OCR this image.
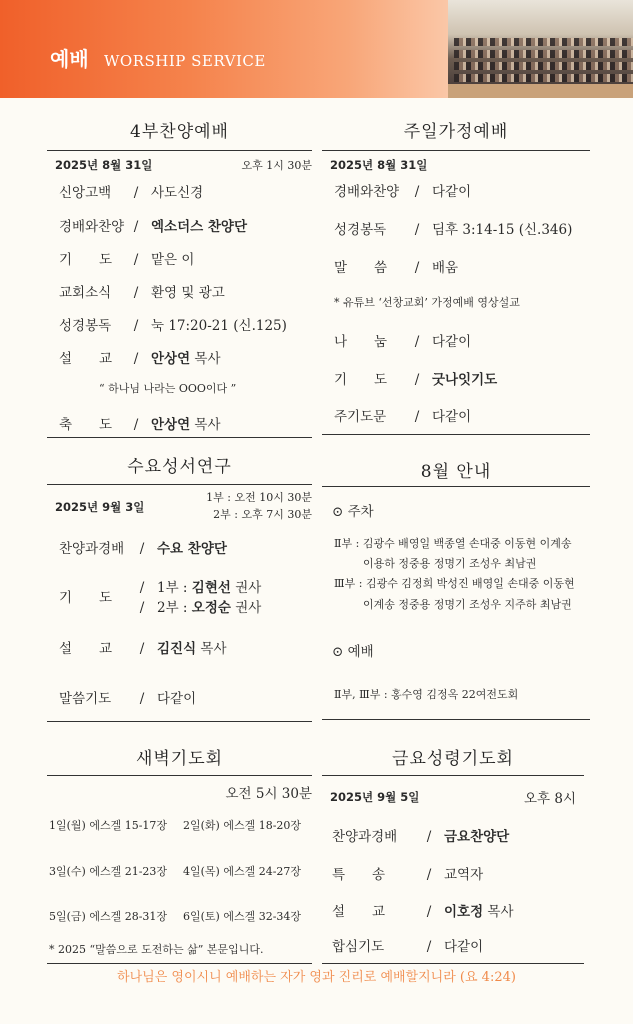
예배 WORSHIP SERVICE
4부찬양예배
2025년 8월 31일	오후 1시 30분
신앙고백 / 사도신경
경배와찬양 / 엑소더스 찬양단
기　　도 / 맡은 이
교회소식 / 환영 및 광고
성경봉독 / 눅 17:20-21 (신.125)
설　　교 / 안상연 목사
“ 하나님 나라는 OOO이다 ”
축　　도 / 안상연 목사
주일가정예배
2025년 8월 31일
경배와찬양 / 다같이
성경봉독 / 딤후 3:14-15 (신.346)
말　　씀 / 배움
* 유튜브 ‘선창교회’ 가정예배 영상설교
나　　눔 / 다같이
기　　도 / 굿나잇기도
주기도문 / 다같이
수요성서연구
2025년 9월 3일
1부 : 오전 10시 30분
2부 : 오후 7시 30분
찬양과경배 / 수요 찬양단
기　　도
/ 1부 : 김현선 권사
/ 2부 : 오정순 권사
설　　교 / 김진식 목사
말씀기도 / 다같이
8월 안내
⊙ 주차
Ⅱ부 : 김광수 배영일 백종열 손대중 이동현 이계송
이용하 정중용 정명기 조성우 최남권
Ⅲ부 : 김광수 김정희 박성진 배영일 손대중 이동현
이계송 정중용 정명기 조성우 지주하 최남권
⊙ 예배
Ⅱ부, Ⅲ부 : 홍수영 김정옥 22여전도회
새벽기도회
오전 5시 30분
1일(월) 에스겔 15-17장 2일(화) 에스겔 18-20장
3일(수) 에스겔 21-23장 4일(목) 에스겔 24-27장
5일(금) 에스겔 28-31장 6일(토) 에스겔 32-34장
* 2025 “말씀으로 도전하는 삶” 본문입니다.
금요성령기도회
2025년 9월 5일	오후 8시
찬양과경배 / 금요찬양단
특　　송	/ 교역자
설　　교	/ 이호정 목사
합심기도	/ 다같이
하나님은 영이시니 예배하는 자가 영과 진리로 예배할지니라 (요 4:24)
